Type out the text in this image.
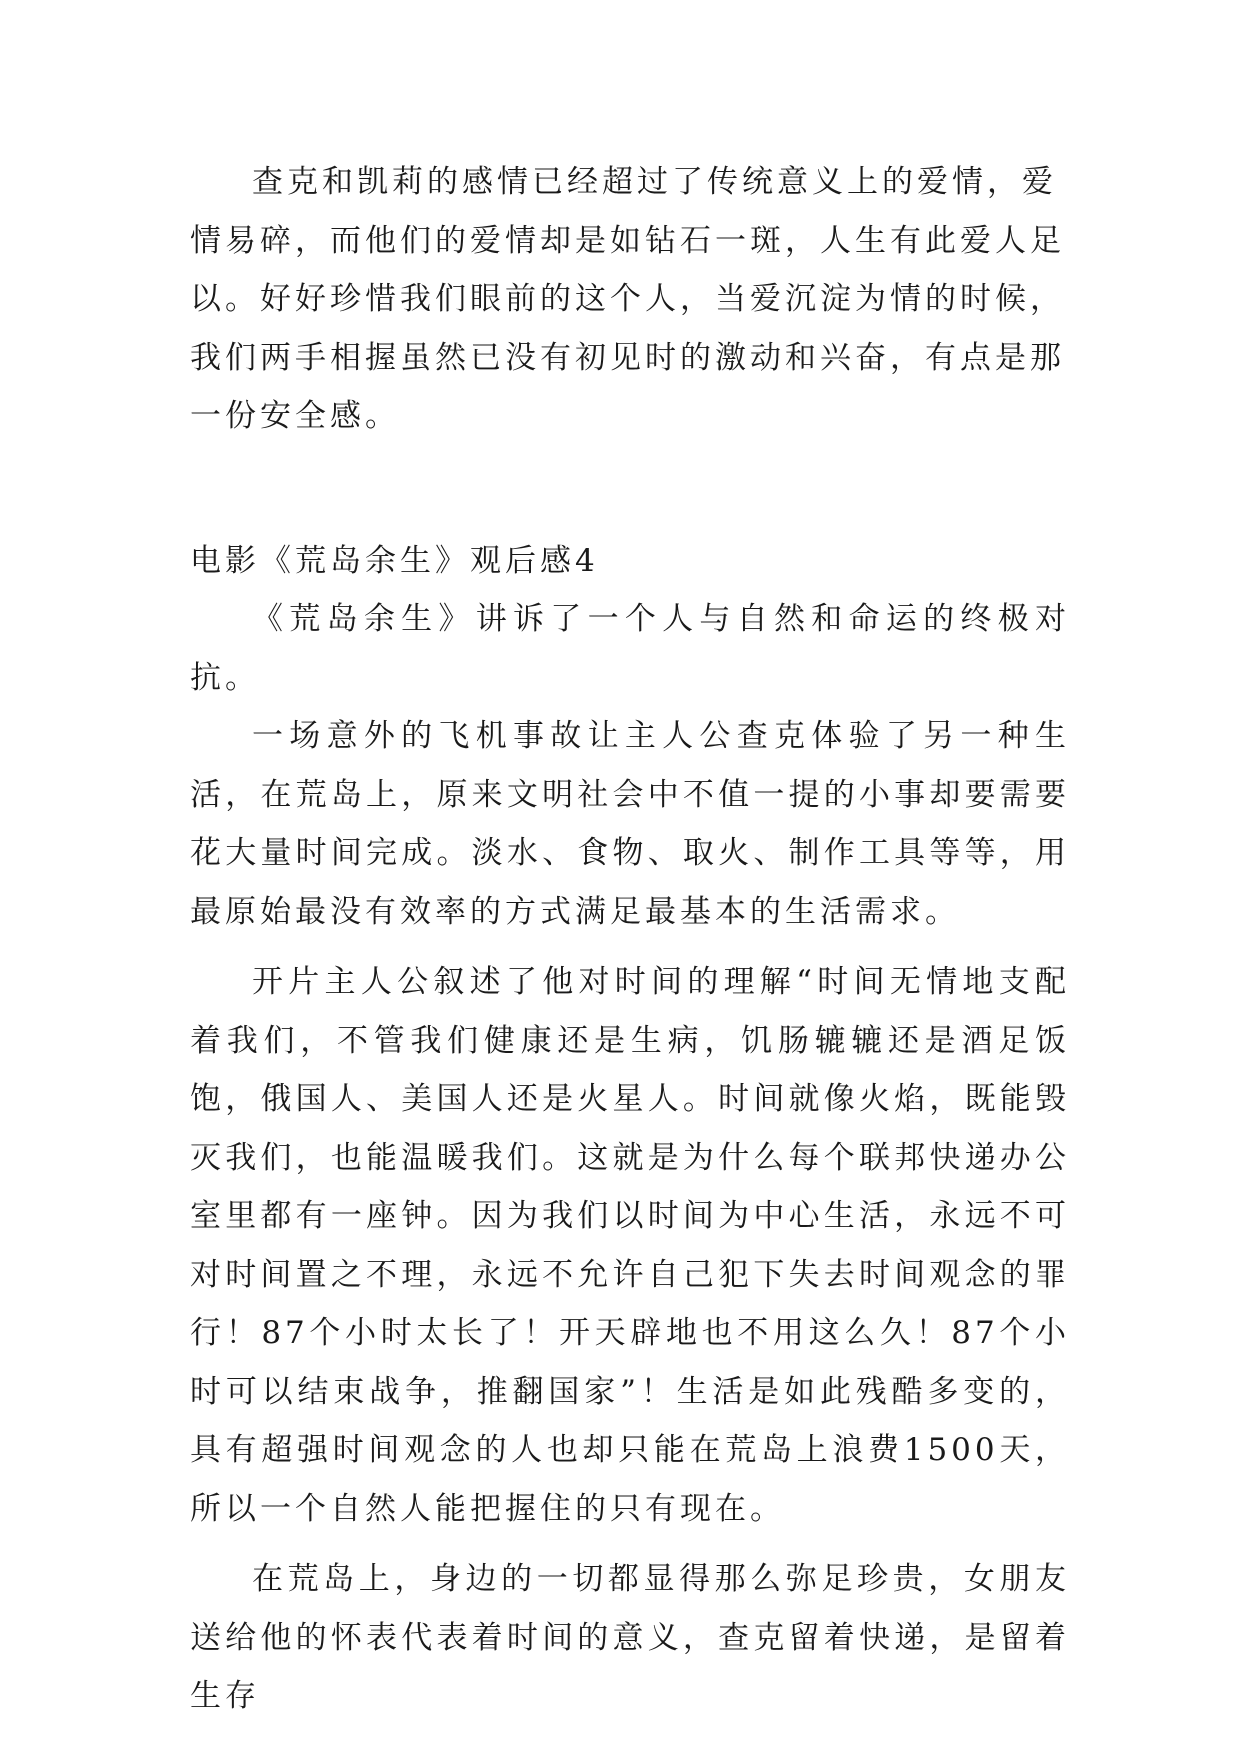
查克和凯莉的感情已经超过了传统意义上的爱情，爱情易碎，而他们的爱情却是如钻石一斑，人生有此爱人足以。好好珍惜我们眼前的这个人，当爱沉淀为情的时候，我们两手相握虽然已没有初见时的激动和兴奋，有点是那一份安全感。

电影《荒岛余生》观后感4

《荒岛余生》讲诉了一个人与自然和命运的终极对抗。

一场意外的飞机事故让主人公查克体验了另一种生活，在荒岛上，原来文明社会中不值一提的小事却要需要花大量时间完成。淡水、食物、取火、制作工具等等，用最原始最没有效率的方式满足最基本的生活需求。

开片主人公叙述了他对时间的理解“时间无情地支配着我们，不管我们健康还是生病，饥肠辘辘还是酒足饭饱，俄国人、美国人还是火星人。时间就像火焰，既能毁灭我们，也能温暖我们。这就是为什么每个联邦快递办公室里都有一座钟。因为我们以时间为中心生活，永远不可对时间置之不理，永远不允许自己犯下失去时间观念的罪行！87个小时太长了！开天辟地也不用这么久！87个小时可以结束战争，推翻国家”！生活是如此残酷多变的，具有超强时间观念的人也却只能在荒岛上浪费1500天，所以一个自然人能把握住的只有现在。

在荒岛上，身边的一切都显得那么弥足珍贵，女朋友送给他的怀表代表着时间的意义，查克留着快递，是留着生存
